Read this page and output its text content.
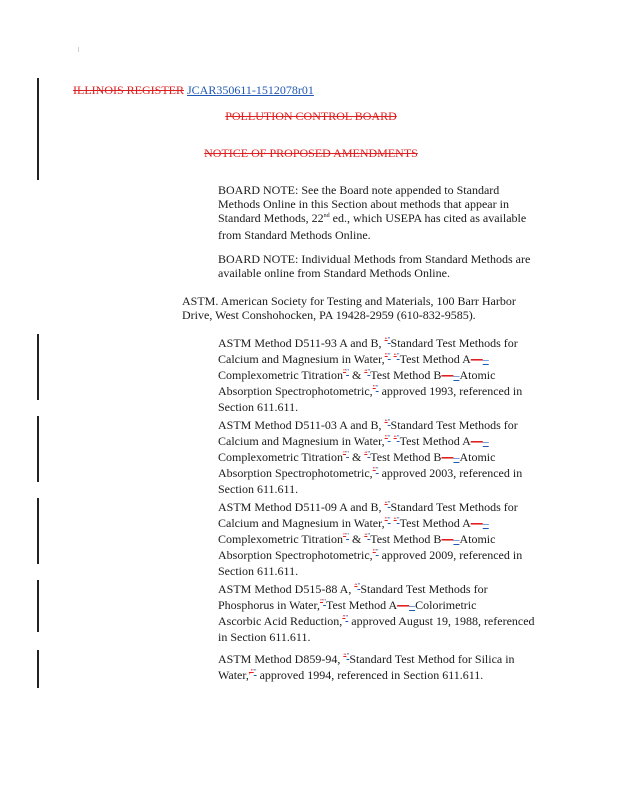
ILLINOIS REGISTER JCAR350611-1512078r01
POLLUTION CONTROL BOARD
NOTICE OF PROPOSED AMENDMENTS
BOARD NOTE: See the Board note appended to Standard
Methods Online in this Section about methods that appear in
Standard Methods, 22nd ed., which USEPA has cited as available
from Standard Methods Online.
BOARD NOTE: Individual Methods from Standard Methods are
available online from Standard Methods Online.
ASTM. American Society for Testing and Materials, 100 Barr Harbor
Drive, West Conshohocken, PA 19428-2959 (610-832-9585).
ASTM Method D511-93 A and B, “"Standard Test Methods for
Calcium and Magnesium in Water,”" “"Test Method A—–
Complexometric Titration”" & “"Test Method B—–Atomic
Absorption Spectrophotometric,”" approved 1993, referenced in
Section 611.611.
ASTM Method D511-03 A and B, “"Standard Test Methods for
Calcium and Magnesium in Water,”" “"Test Method A—–
Complexometric Titration”" & “"Test Method B—–Atomic
Absorption Spectrophotometric,”" approved 2003, referenced in
Section 611.611.
ASTM Method D511-09 A and B, “"Standard Test Methods for
Calcium and Magnesium in Water,”" “"Test Method A—–
Complexometric Titration”" & “"Test Method B—–Atomic
Absorption Spectrophotometric,”" approved 2009, referenced in
Section 611.611.
ASTM Method D515-88 A, “"Standard Test Methods for
Phosphorus in Water,”"Test Method A—–Colorimetric
Ascorbic Acid Reduction,”" approved August 19, 1988, referenced
in Section 611.611.
ASTM Method D859-94, “"Standard Test Method for Silica in
Water,,”" approved 1994, referenced in Section 611.611.
